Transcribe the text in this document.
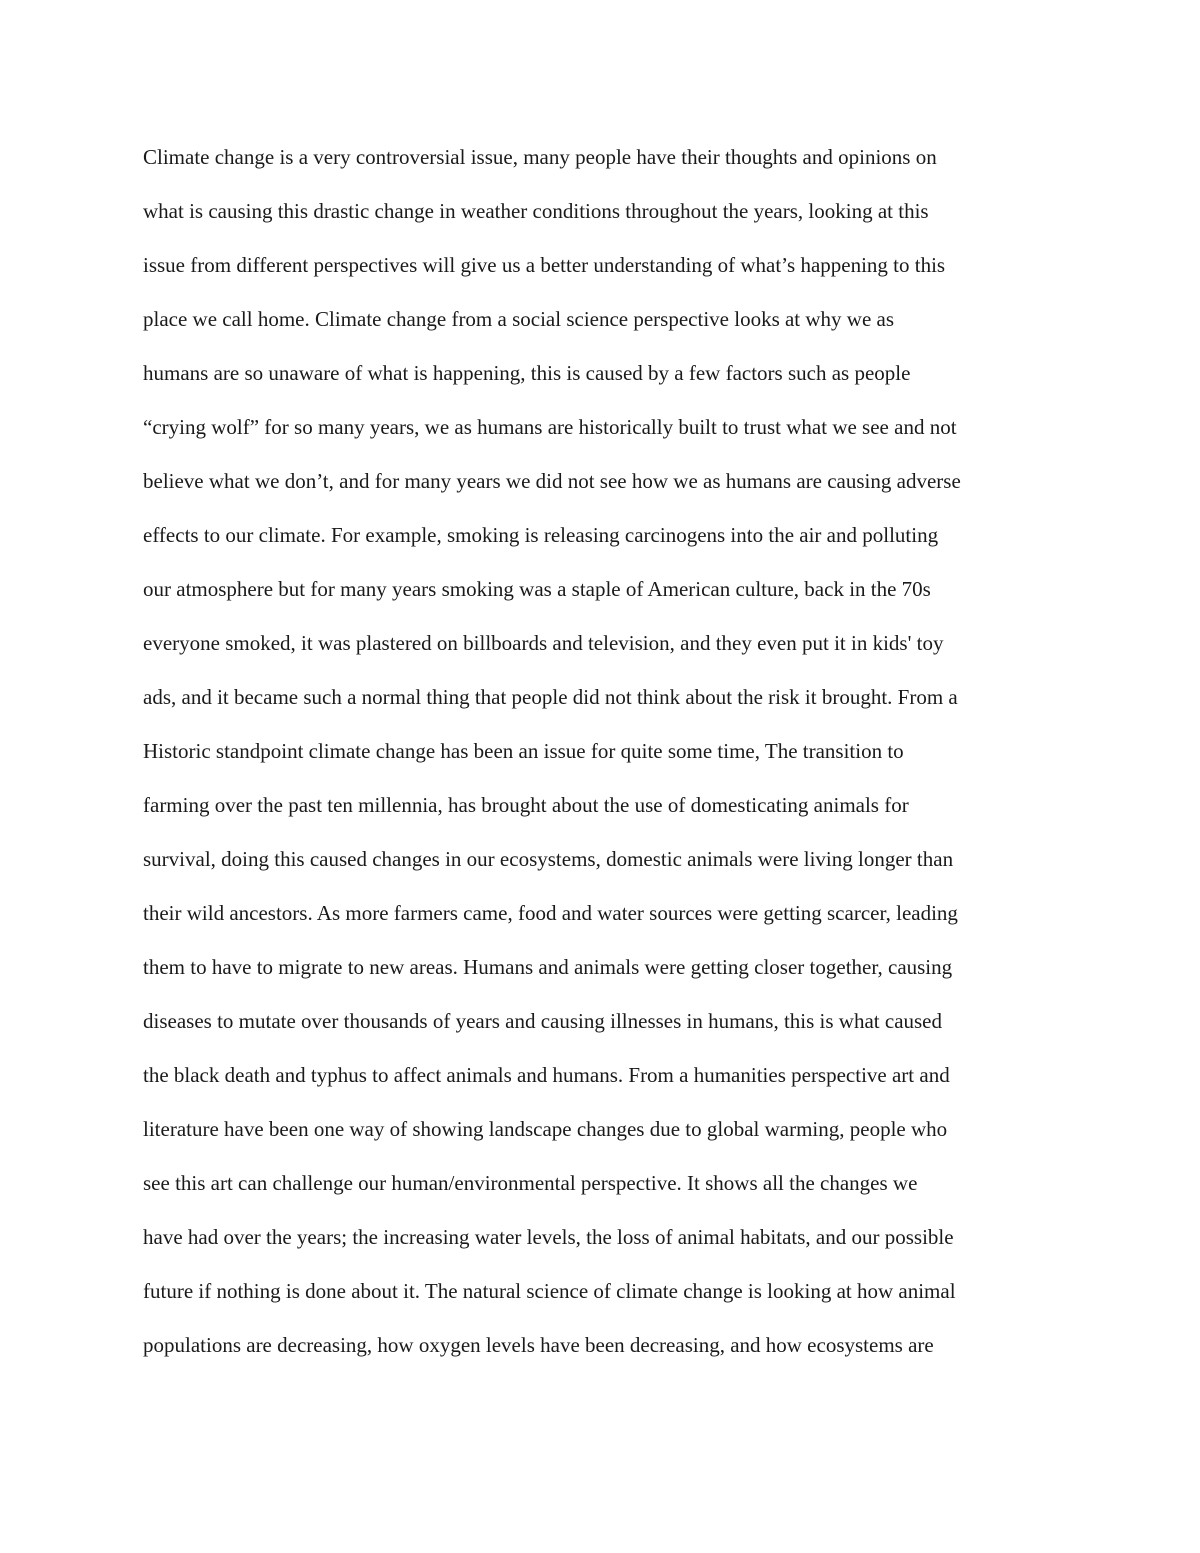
Climate change is a very controversial issue, many people have their thoughts and opinions on
what is causing this drastic change in weather conditions throughout the years, looking at this
issue from different perspectives will give us a better understanding of what’s happening to this
place we call home. Climate change from a social science perspective looks at why we as
humans are so unaware of what is happening, this is caused by a few factors such as people
“crying wolf” for so many years, we as humans are historically built to trust what we see and not
believe what we don’t, and for many years we did not see how we as humans are causing adverse
effects to our climate. For example, smoking is releasing carcinogens into the air and polluting
our atmosphere but for many years smoking was a staple of American culture, back in the 70s
everyone smoked, it was plastered on billboards and television, and they even put it in kids' toy
ads, and it became such a normal thing that people did not think about the risk it brought. From a
Historic standpoint climate change has been an issue for quite some time, The transition to
farming over the past ten millennia, has brought about the use of domesticating animals for
survival, doing this caused changes in our ecosystems, domestic animals were living longer than
their wild ancestors. As more farmers came, food and water sources were getting scarcer, leading
them to have to migrate to new areas. Humans and animals were getting closer together, causing
diseases to mutate over thousands of years and causing illnesses in humans, this is what caused
the black death and typhus to affect animals and humans. From a humanities perspective art and
literature have been one way of showing landscape changes due to global warming, people who
see this art can challenge our human/environmental perspective. It shows all the changes we
have had over the years; the increasing water levels, the loss of animal habitats, and our possible
future if nothing is done about it. The natural science of climate change is looking at how animal
populations are decreasing, how oxygen levels have been decreasing, and how ecosystems are
